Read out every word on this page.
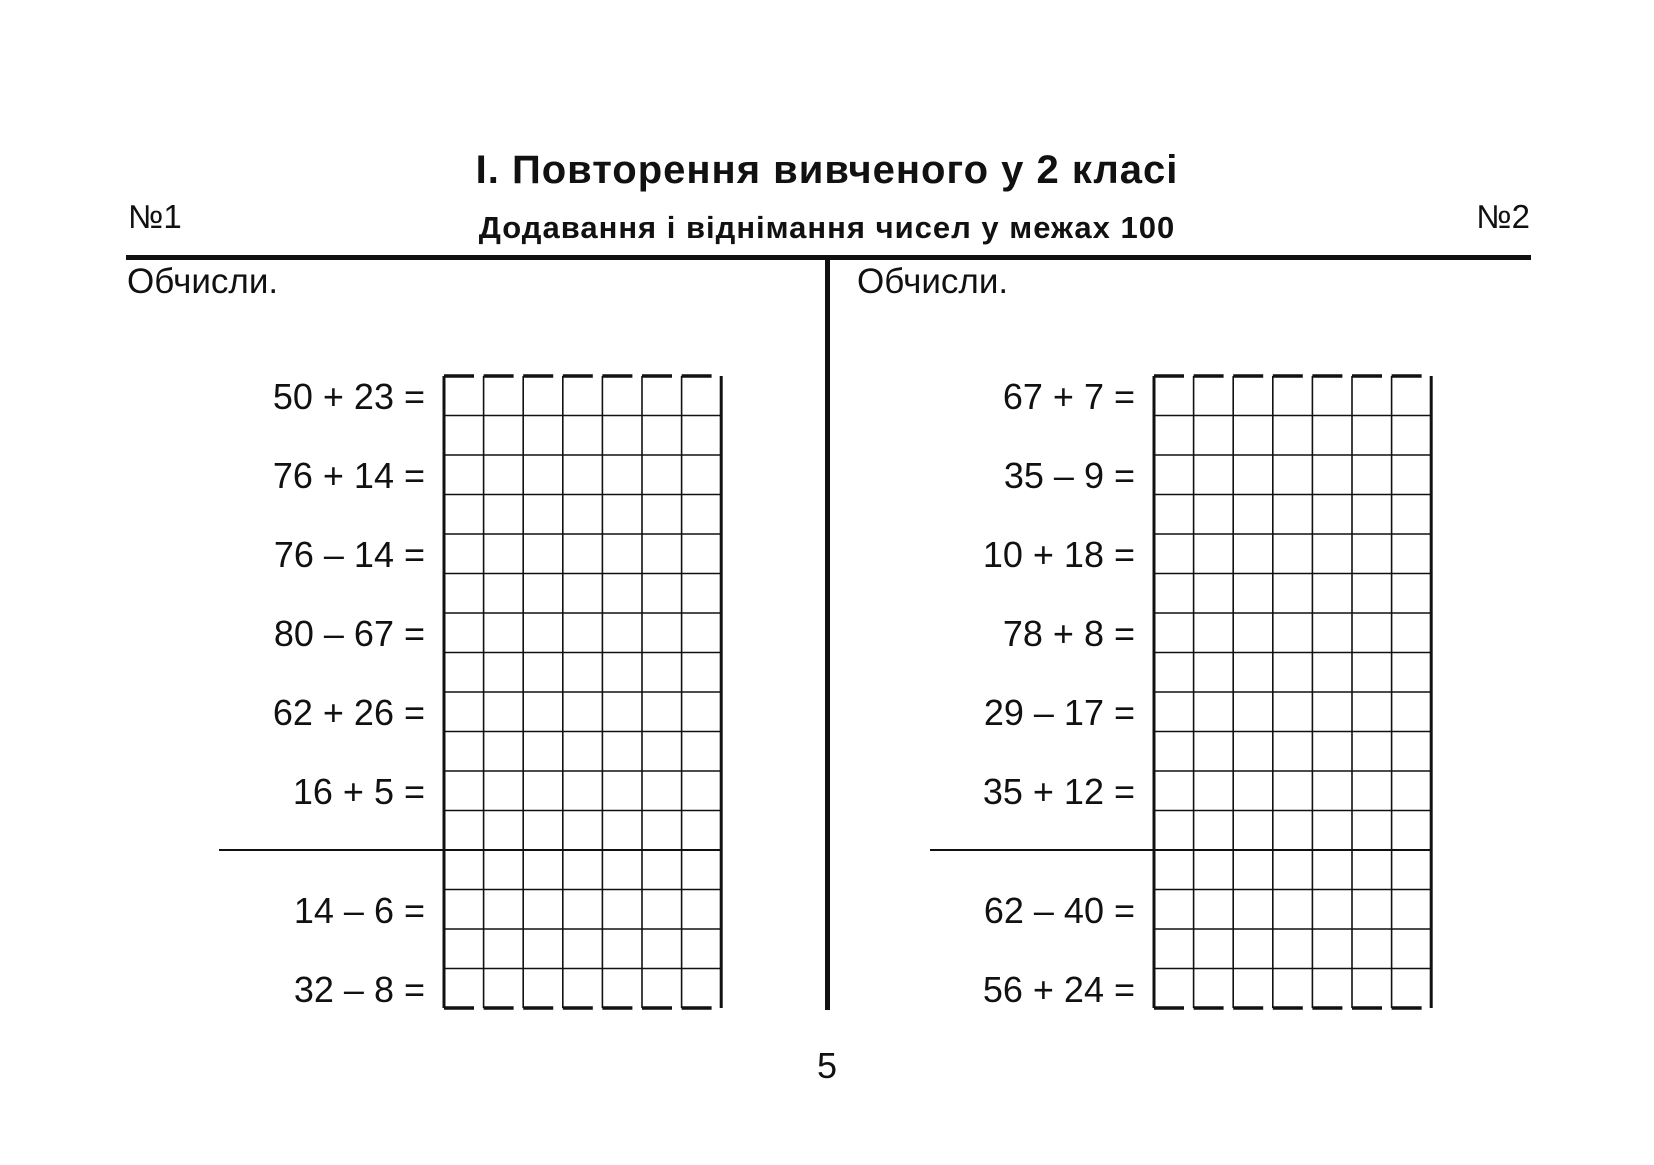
І. Повторення вивченого у 2 класі
Додавання і віднімання чисел у межах 100
№1	№2
Обчисли.	Обчисли.
50 + 23 =
76 + 14 =
76 – 14 =
80 – 67 =
62 + 26 =
16 + 5 =
14 – 6 =
32 – 8 =
67 + 7 =
35 – 9 =
10 + 18 =
78 + 8 =
29 – 17 =
35 + 12 =
62 – 40 =
56 + 24 =
5
